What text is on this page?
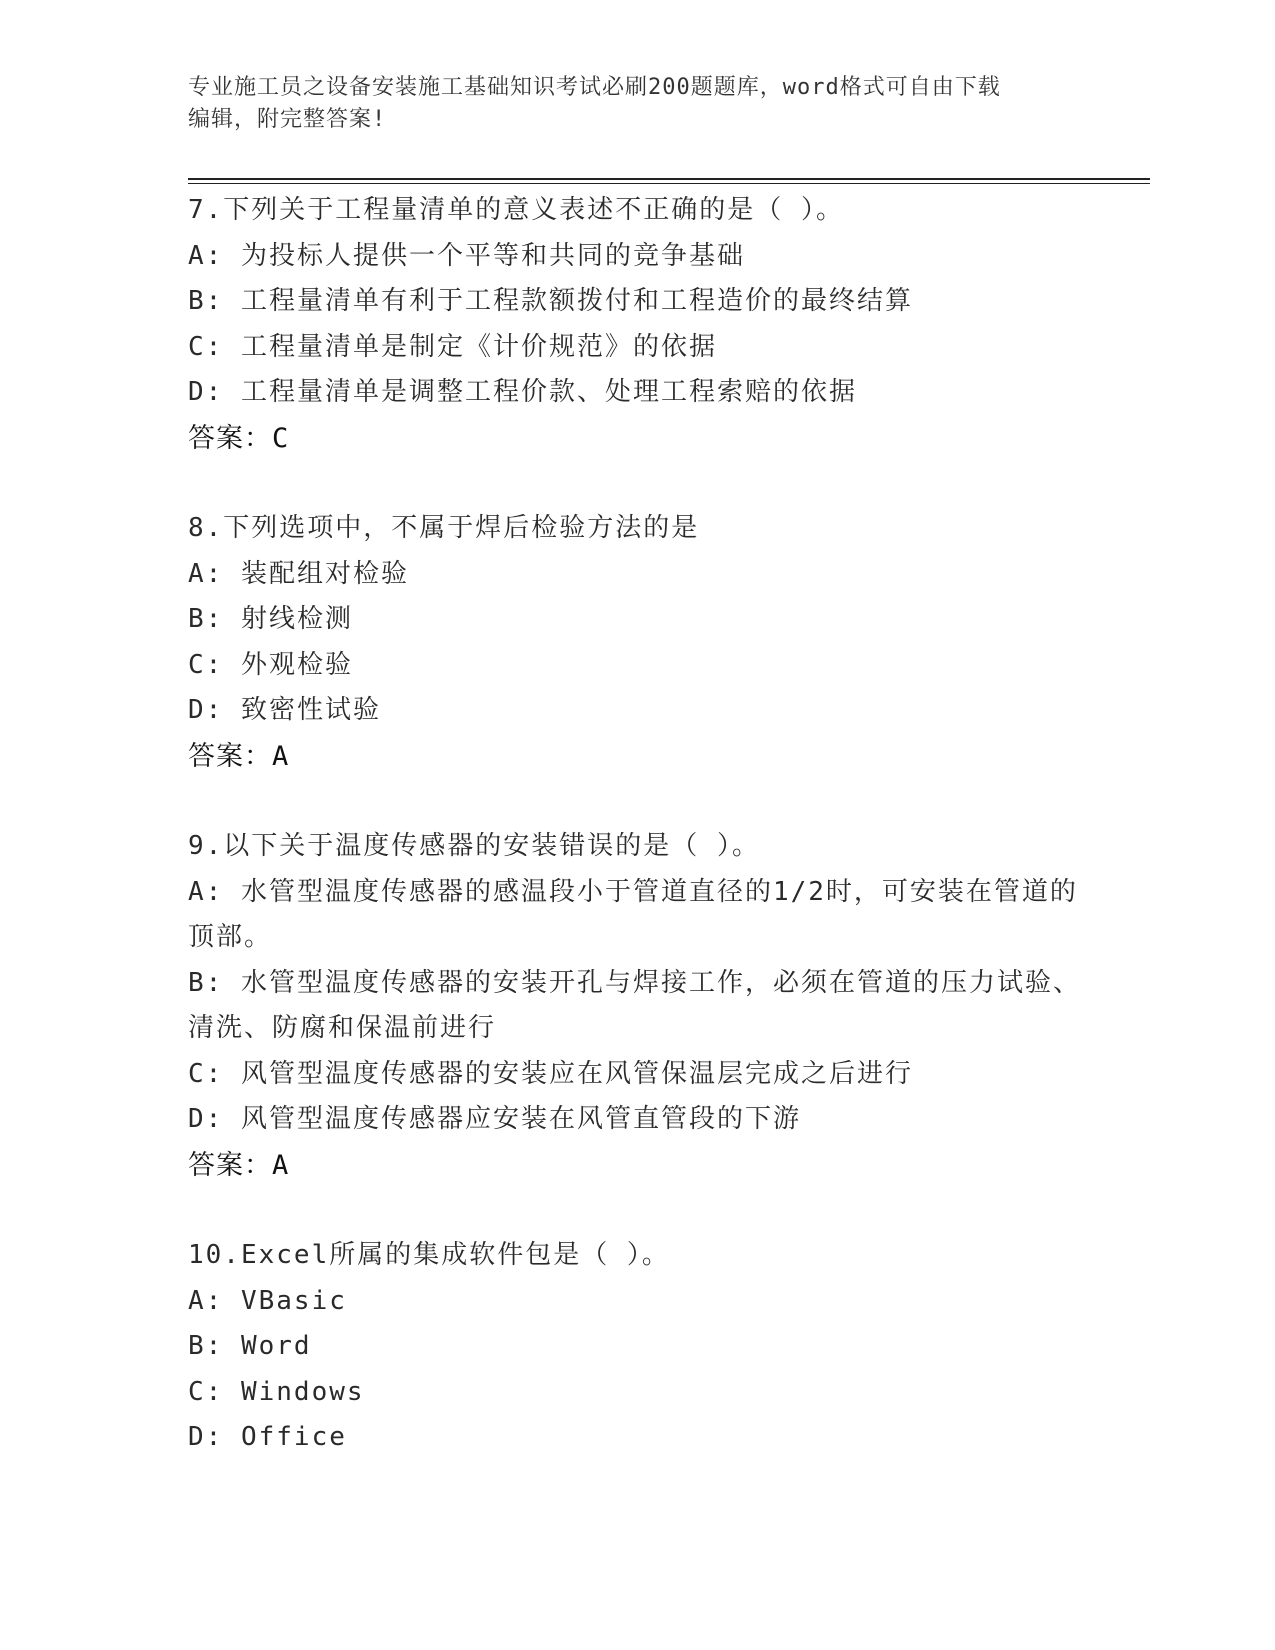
专业施工员之设备安装施工基础知识考试必刷200题题库，word格式可自由下载
编辑，附完整答案!
7.下列关于工程量清单的意义表述不正确的是（ ）。
A: 为投标人提供一个平等和共同的竞争基础
B: 工程量清单有利于工程款额拨付和工程造价的最终结算
C: 工程量清单是制定《计价规范》的依据
D: 工程量清单是调整工程价款、处理工程索赔的依据
答案：C
8.下列选项中，不属于焊后检验方法的是
A: 装配组对检验
B: 射线检测
C: 外观检验
D: 致密性试验
答案：A
9.以下关于温度传感器的安装错误的是（ ）。
A: 水管型温度传感器的感温段小于管道直径的1/2时，可安装在管道的顶部。
B: 水管型温度传感器的安装开孔与焊接工作，必须在管道的压力试验、清洗、防腐和保温前进行
C: 风管型温度传感器的安装应在风管保温层完成之后进行
D: 风管型温度传感器应安装在风管直管段的下游
答案：A
10.Excel所属的集成软件包是（ ）。
A: VBasic
B: Word
C: Windows
D: Office
